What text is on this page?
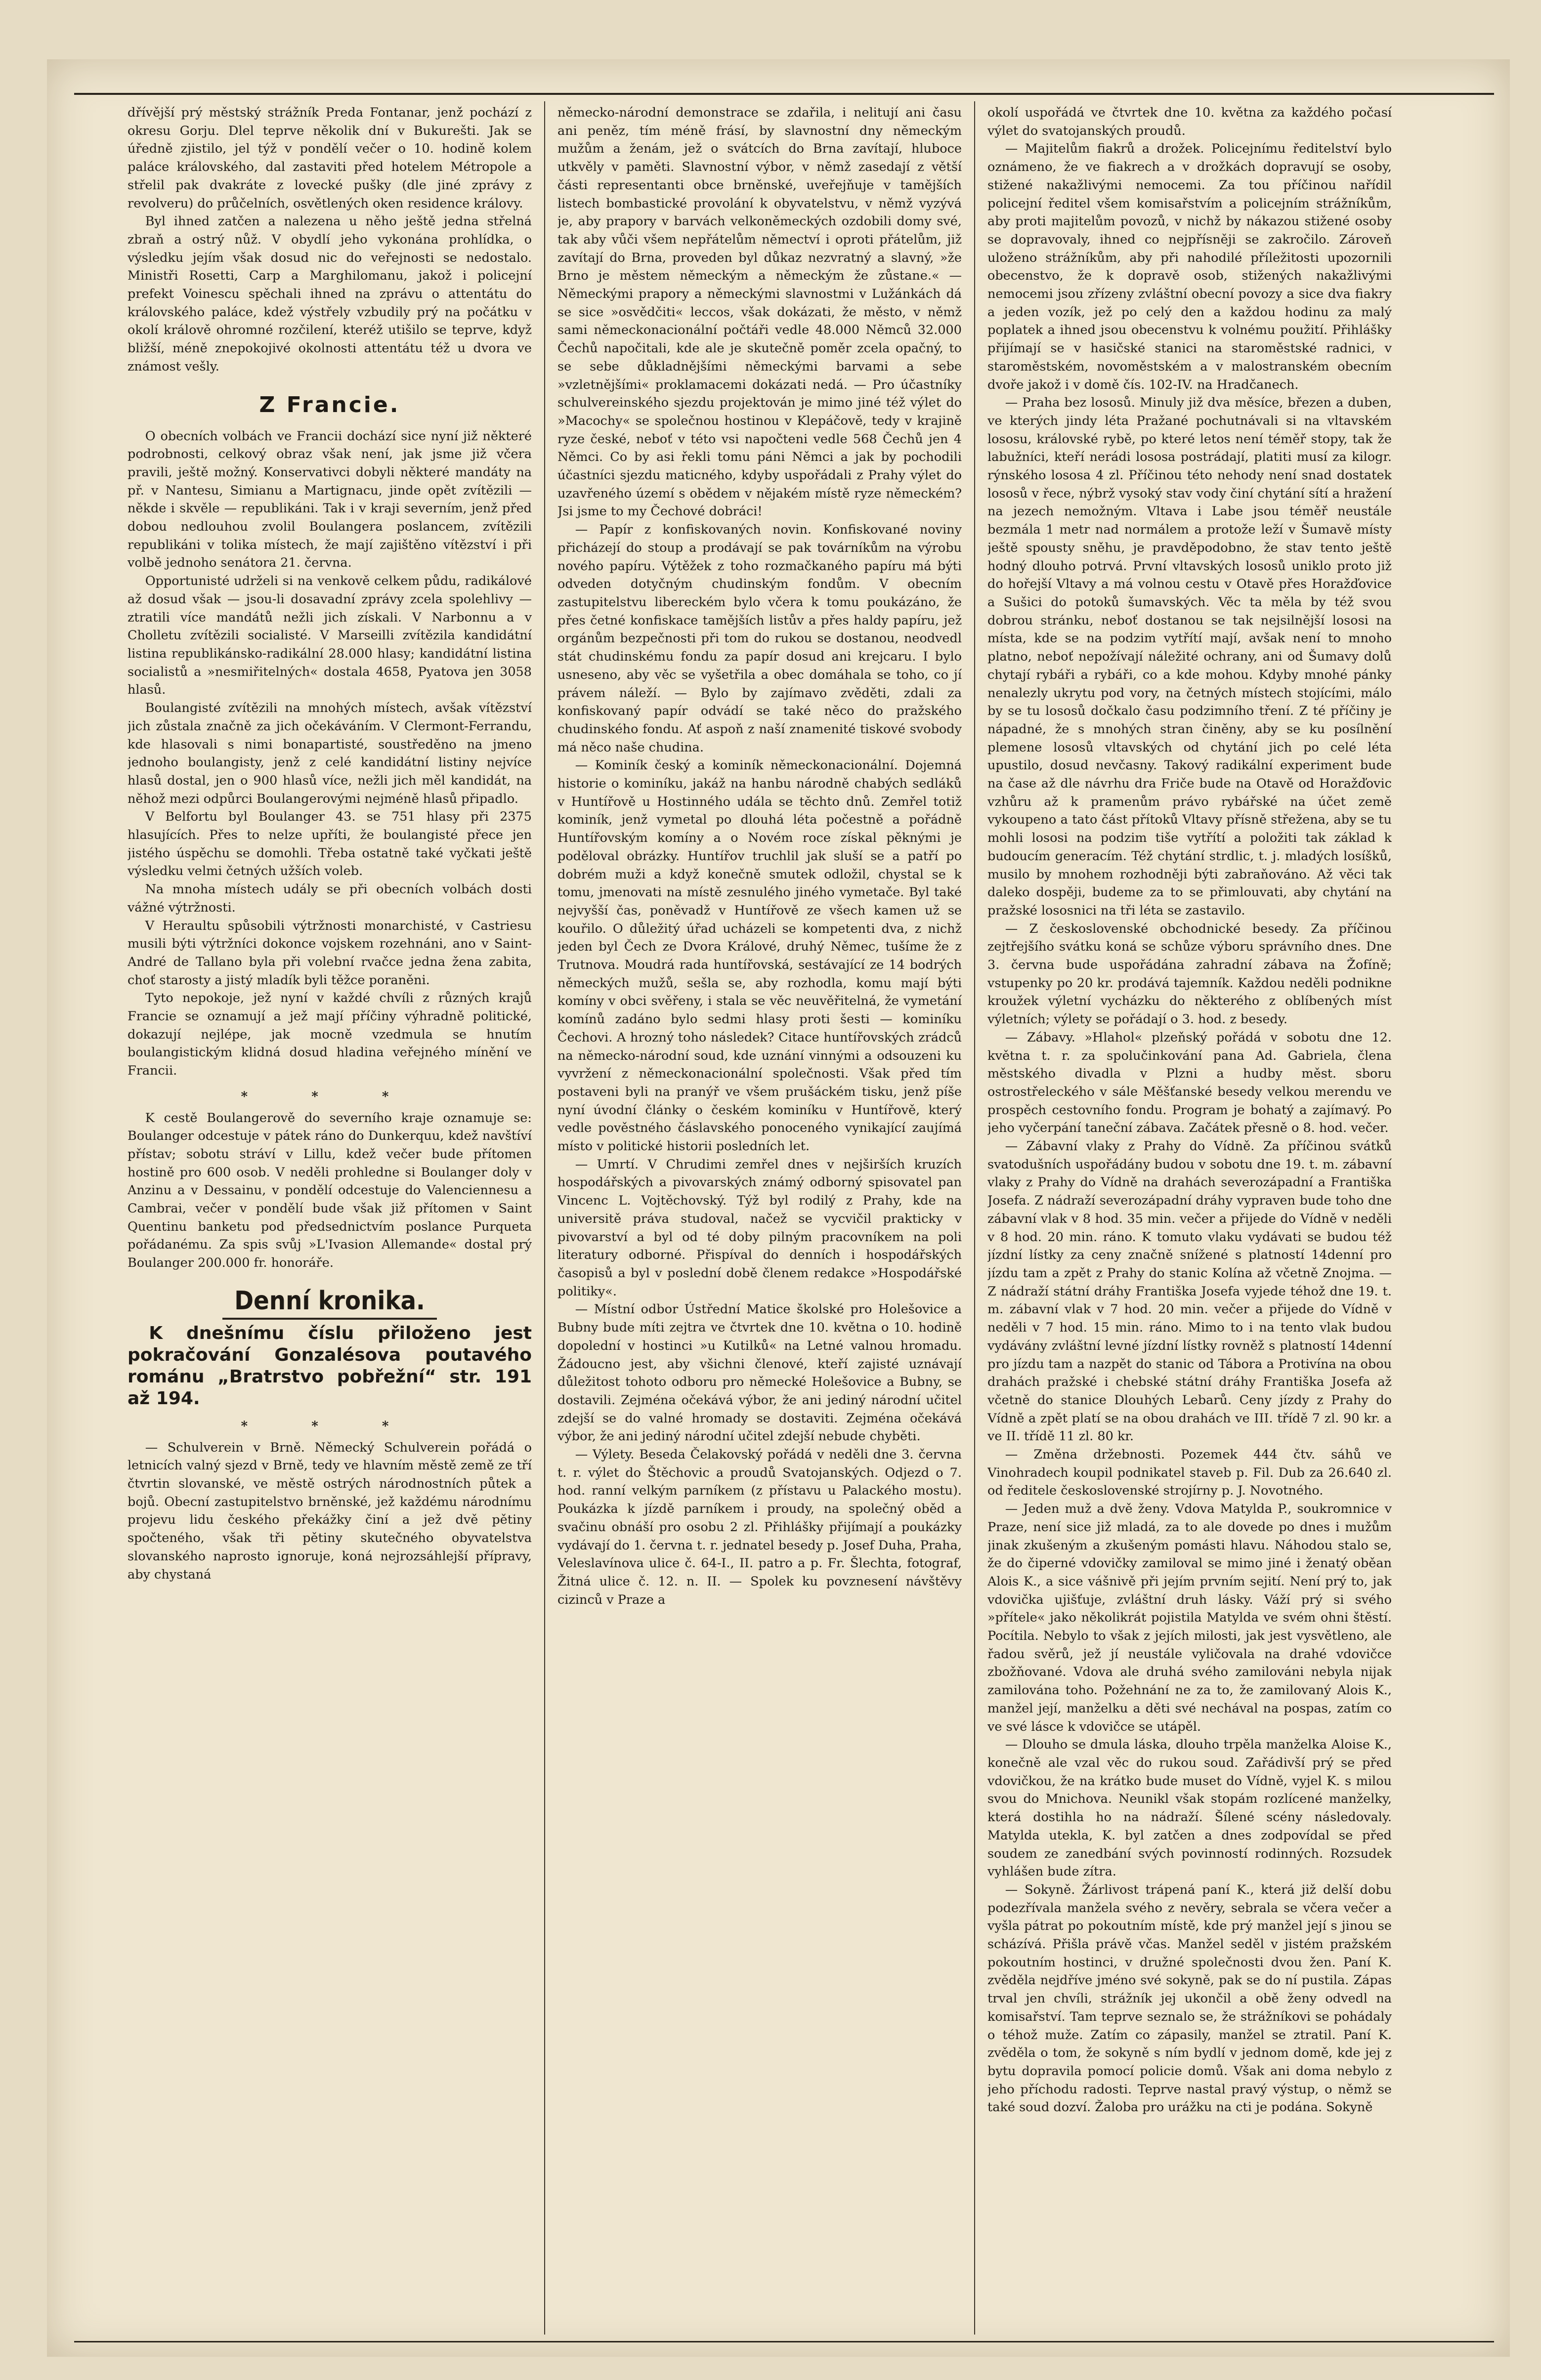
dřívější prý městský strážník Preda Fontanar, jenž pochází z okresu Gorju. Dlel teprve několik dní v Bukurešti. Jak se úředně zjistilo, jel týž v pondělí večer o 10. hodině kolem paláce královského, dal zastaviti před hotelem Métropole a střelil pak dvakráte z lovecké pušky (dle jiné zprávy z revolveru) do průčelních, osvětlených oken residence královy.

Byl ihned zatčen a nalezena u něho ještě jedna střelná zbraň a ostrý nůž. V obydlí jeho vykonána prohlídka, o výsledku jejím však dosud nic do veřejnosti se nedostalo. Ministři Rosetti, Carp a Marghilomanu, jakož i policejní prefekt Voinescu spěchali ihned na zprávu o attentátu do královského paláce, kdež výstřely vzbudily prý na počátku v okolí králově ohromné rozčilení, kteréž utišilo se teprve, když bližší, méně znepokojivé okolnosti attentátu též u dvora ve známost vešly.

Z Francie.

O obecních volbách ve Francii dochází sice nyní již některé podrobnosti, celkový obraz však není, jak jsme již včera pravili, ještě možný. Konservativci dobyli některé mandáty na př. v Nantesu, Simianu a Martignacu, jinde opět zvítězili — někde i skvěle — republikáni. Tak i v kraji severním, jenž před dobou nedlouhou zvolil Boulangera poslancem, zvítězili republikáni v tolika místech, že mají zajištěno vítězství i při volbě jednoho senátora 21. června.

Opportunisté udrželi si na venkově celkem půdu, radikálové až dosud však — jsou-li dosavadní zprávy zcela spolehlivy — ztratili více mandátů nežli jich získali. V Narbonnu a v Cholletu zvítězili socialisté. V Marseilli zvítězila kandidátní listina republikánsko-radikální 28.000 hlasy; kandidátní listina socialistů a »nesmiřitelných« dostala 4658, Pyatova jen 3058 hlasů.

Boulangisté zvítězili na mnohých místech, avšak vítězství jich zůstala značně za jich očekáváním. V Clermont-Ferrandu, kde hlasovali s nimi bonapartisté, soustředěno na jmeno jednoho boulangisty, jenž z celé kandidátní listiny nejvíce hlasů dostal, jen o 900 hlasů více, nežli jich měl kandidát, na něhož mezi odpůrci Boulangerovými nejméně hlasů připadlo.

V Belfortu byl Boulanger 43. se 751 hlasy při 2375 hlasujících. Přes to nelze upříti, že boulangisté přece jen jistého úspěchu se domohli. Třeba ostatně také vyčkati ještě výsledku velmi četných užších voleb.

Na mnoha místech udály se při obecních volbách dosti vážné výtržnosti.

V Heraultu spůsobili výtržnosti monarchisté, v Castriesu musili býti výtržníci dokonce vojskem rozehnáni, ano v Saint-André de Tallano byla při volební rvačce jedna žena zabita, choť starosty a jistý mladík byli těžce poraněni.

Tyto nepokoje, jež nyní v každé chvíli z různých krajů Francie se oznamují a jež mají příčiny výhradně politické, dokazují nejlépe, jak mocně vzedmula se hnutím boulangistickým klidná dosud hladina veřejného mínění ve Francii.

* * *

K cestě Boulangerově do severního kraje oznamuje se: Boulanger odcestuje v pátek ráno do Dunkerquu, kdež navštíví přístav; sobotu stráví v Lillu, kdež večer bude přítomen hostině pro 600 osob. V neděli prohledne si Boulanger doly v Anzinu a v Dessainu, v pondělí odcestuje do Valenciennesu a Cambrai, večer v pondělí bude však již přítomen v Saint Quentinu banketu pod předsednictvím poslance Purqueta pořádanému. Za spis svůj »L'Ivasion Allemande« dostal prý Boulanger 200.000 fr. honoráře.

Denní kronika.
K dnešnímu číslu přiloženo jest pokračování Gonzalésova poutavého románu „Bratrstvo pobřežní“ str. 191 až 194.
* * *

— Schulverein v Brně. Německý Schulverein pořádá o letnicích valný sjezd v Brně, tedy ve hlavním městě země ze tří čtvrtin slovanské, ve městě ostrých národnostních půtek a bojů. Obecní zastupitelstvo brněnské, jež každému národnímu projevu lidu českého překážky činí a jež dvě pětiny spočteného, však tři pětiny skutečného obyvatelstva slovanského naprosto ignoruje, koná nejrozsáhlejší přípravy, aby chystaná

německo-národní demonstrace se zdařila, i nelitují ani času ani peněz, tím méně frásí, by slavnostní dny německým mužům a ženám, jež o svátcích do Brna zavítají, hluboce utkvěly v paměti. Slavnostní výbor, v němž zasedají z větší části representanti obce brněnské, uveřejňuje v tamějších listech bombastické provolání k obyvatelstvu, v němž vyzývá je, aby prapory v barvách velkoněmeckých ozdobili domy své, tak aby vůči všem nepřátelům němectví i oproti přátelům, již zavítají do Brna, proveden byl důkaz nezvratný a slavný, »že Brno je městem německým a německým že zůstane.« — Německými prapory a německými slavnostmi v Lužánkách dá se sice »osvědčiti« leccos, však dokázati, že město, v němž sami německonacionální počtáři vedle 48.000 Němců 32.000 Čechů napočitali, kde ale je skutečně poměr zcela opačný, to se sebe důkladnějšími německými barvami a sebe »vzletnějšími« proklamacemi dokázati nedá. — Pro účastníky schulvereinského sjezdu projektován je mimo jiné též výlet do »Macochy« se společnou hostinou v Klepáčově, tedy v krajině ryze české, neboť v této vsi napočteni vedle 568 Čechů jen 4 Němci. Co by asi řekli tomu páni Němci a jak by pochodili účastníci sjezdu maticného, kdyby uspořádali z Prahy výlet do uzavřeného území s obědem v nějakém místě ryze německém? Jsi jsme to my Čechové dobráci!

— Papír z konfiskovaných novin. Konfiskované noviny přicházejí do stoup a prodávají se pak továrníkům na výrobu nového papíru. Výtěžek z toho rozmačkaného papíru má býti odveden dotyčným chudinským fondům. V obecním zastupitelstvu libereckém bylo včera k tomu poukázáno, že přes četné konfiskace tamějších listův a přes haldy papíru, jež orgánům bezpečnosti při tom do rukou se dostanou, neodvedl stát chudinskému fondu za papír dosud ani krejcaru. I bylo usneseno, aby věc se vyšetřila a obec domáhala se toho, co jí právem náleží. — Bylo by zajímavo zvěděti, zdali za konfiskovaný papír odvádí se také něco do pražského chudinského fondu. Ať aspoň z naší znamenité tiskové svobody má něco naše chudina.

— Kominík český a kominík německonacionální. Dojemná historie o kominíku, jakáž na hanbu národně chabých sedláků v Huntířově u Hostinného udála se těchto dnů. Zemřel totiž kominík, jenž vymetal po dlouhá léta počestně a pořádně Huntířovským komíny a o Novém roce získal pěknými je poděloval obrázky. Huntířov truchlil jak sluší se a patří po dobrém muži a když konečně smutek odložil, chystal se k tomu, jmenovati na místě zesnulého jiného vymetače. Byl také nejvyšší čas, poněvadž v Huntířově ze všech kamen už se kouřilo. O důležitý úřad ucházeli se kompetenti dva, z nichž jeden byl Čech ze Dvora Králové, druhý Němec, tušíme že z Trutnova. Moudrá rada huntířovská, sestávající ze 14 bodrých německých mužů, sešla se, aby rozhodla, komu mají býti komíny v obci svěřeny, i stala se věc neuvěřitelná, že vymetání komínů zadáno bylo sedmi hlasy proti šesti — kominíku Čechovi. A hrozný toho následek? Citace huntířovských zrádců na německo-národní soud, kde uznání vinnými a odsouzeni ku vyvržení z německonacionální společnosti. Však před tím postaveni byli na pranýř ve všem prušáckém tisku, jenž píše nyní úvodní články o českém kominíku v Huntířově, který vedle pověstného čáslavského ponoceného vynikající zaujímá místo v politické historii posledních let.

— Umrtí. V Chrudimi zemřel dnes v nejširších kruzích hospodářských a pivovarských známý odborný spisovatel pan Vincenc L. Vojtěchovský. Týž byl rodilý z Prahy, kde na universitě práva studoval, načež se vycvičil prakticky v pivovarství a byl od té doby pilným pracovníkem na poli literatury odborné. Přispíval do denních i hospodářských časopisů a byl v poslední době členem redakce »Hospodářské politiky«.

— Místní odbor Ústřední Matice školské pro Holešovice a Bubny bude míti zejtra ve čtvrtek dne 10. května o 10. hodině dopolední v hostinci »u Kutilků« na Letné valnou hromadu. Žádoucno jest, aby všichni členové, kteří zajisté uznávají důležitost tohoto odboru pro německé Holešovice a Bubny, se dostavili. Zejména očekává výbor, že ani jediný národní učitel zdejší se do valné hromady se dostaviti. Zejména očekává výbor, že ani jediný národní učitel zdejší nebude chyběti.

— Výlety. Beseda Čelakovský pořádá v neděli dne 3. června t. r. výlet do Štěchovic a proudů Svatojanských. Odjezd o 7. hod. ranní velkým parníkem (z přístavu u Palackého mostu). Poukázka k jízdě parníkem i proudy, na společný oběd a svačinu obnáší pro osobu 2 zl. Přihlášky přijímají a poukázky vydávají do 1. června t. r. jednatel besedy p. Josef Duha, Praha, Veleslavínova ulice č. 64-I., II. patro a p. Fr. Šlechta, fotograf, Žitná ulice č. 12. n. II. — Spolek ku povznesení návštěvy cizinců v Praze a

okolí uspořádá ve čtvrtek dne 10. května za každého počasí výlet do svatojanských proudů.

— Majitelům fiakrů a drožek. Policejnímu ředitelství bylo oznámeno, že ve fiakrech a v drožkách dopravují se osoby, stižené nakažlivými nemocemi. Za tou příčinou nařídil policejní ředitel všem komisařstvím a policejním strážníkům, aby proti majitelům povozů, v nichž by nákazou stižené osoby se dopravovaly, ihned co nejpřísněji se zakročilo. Zároveň uloženo strážníkům, aby při nahodilé příležitosti upozornili obecenstvo, že k dopravě osob, stižených nakažlivými nemocemi jsou zřízeny zvláštní obecní povozy a sice dva fiakry a jeden vozík, jež po celý den a každou hodinu za malý poplatek a ihned jsou obecenstvu k volnému použití. Přihlášky přijímají se v hasičské stanici na staroměstské radnici, v staroměstském, novoměstském a v malostranském obecním dvoře jakož i v domě čís. 102-IV. na Hradčanech.

— Praha bez lososů. Minuly již dva měsíce, březen a duben, ve kterých jindy léta Pražané pochutnávali si na vltavském lososu, královské rybě, po které letos není téměř stopy, tak že labužníci, kteří nerádi lososa postrádají, platiti musí za kilogr. rýnského lososa 4 zl. Příčinou této nehody není snad dostatek lososů v řece, nýbrž vysoký stav vody činí chytání sítí a hražení na jezech nemožným. Vltava i Labe jsou téměř neustále bezmála 1 metr nad normálem a protože leží v Šumavě místy ještě spousty sněhu, je pravděpodobno, že stav tento ještě hodný dlouho potrvá. První vltavských lososů uniklo proto již do hořejší Vltavy a má volnou cestu v Otavě přes Horažďovice a Sušici do potoků šumavských. Věc ta měla by též svou dobrou stránku, neboť dostanou se tak nejsilnější lososi na místa, kde se na podzim vytřítí mají, avšak není to mnoho platno, neboť nepožívají náležité ochrany, ani od Šumavy dolů chytají rybáři a rybáři, co a kde mohou. Kdyby mnohé pánky nenalezly ukrytu pod vory, na četných místech stojícími, málo by se tu lososů dočkalo času podzimního tření. Z té příčiny je nápadné, že s mnohých stran činěny, aby se ku posílnění plemene lososů vltavských od chytání jich po celé léta upustilo, dosud nevčasny. Takový radikální experiment bude na čase až dle návrhu dra Friče bude na Otavě od Horažďovic vzhůru až k pramenům právo rybářské na účet země vykoupeno a tato část přítoků Vltavy přísně střežena, aby se tu mohli lososi na podzim tiše vytřítí a položiti tak základ k budoucím generacím. Též chytání strdlic, t. j. mladých losíšků, musilo by mnohem rozhodněji býti zabraňováno. Až věci tak daleko dospěji, budeme za to se přimlouvati, aby chytání na pražské lososnici na tři léta se zastavilo.

— Z československé obchodnické besedy. Za příčinou zejtřejšího svátku koná se schůze výboru správního dnes. Dne 3. června bude uspořádána zahradní zábava na Žofíně; vstupenky po 20 kr. prodává tajemník. Každou neděli podnikne kroužek výletní vycházku do některého z oblíbených míst výletních; výlety se pořádají o 3. hod. z besedy.

— Zábavy. »Hlahol« plzeňský pořádá v sobotu dne 12. května t. r. za spolučinkování pana Ad. Gabriela, člena městského divadla v Plzni a hudby měst. sboru ostrostřeleckého v sále Měšťanské besedy velkou merendu ve prospěch cestovního fondu. Program je bohatý a zajímavý. Po jeho vyčerpání taneční zábava. Začátek přesně o 8. hod. večer.

— Zábavní vlaky z Prahy do Vídně. Za příčinou svátků svatodušních uspořádány budou v sobotu dne 19. t. m. zábavní vlaky z Prahy do Vídně na drahách severozápadní a Františka Josefa. Z nádraží severozápadní dráhy vypraven bude toho dne zábavní vlak v 8 hod. 35 min. večer a přijede do Vídně v neděli v 8 hod. 20 min. ráno. K tomuto vlaku vydávati se budou též jízdní lístky za ceny značně snížené s platností 14denní pro jízdu tam a zpět z Prahy do stanic Kolína až včetně Znojma. — Z nádraží státní dráhy Františka Josefa vyjede téhož dne 19. t. m. zábavní vlak v 7 hod. 20 min. večer a přijede do Vídně v neděli v 7 hod. 15 min. ráno. Mimo to i na tento vlak budou vydávány zvláštní levné jízdní lístky rovněž s platností 14denní pro jízdu tam a nazpět do stanic od Tábora a Protivína na obou drahách pražské i chebské státní dráhy Františka Josefa až včetně do stanice Dlouhých Lebarů. Ceny jízdy z Prahy do Vídně a zpět platí se na obou drahách ve III. třídě 7 zl. 90 kr. a ve II. třídě 11 zl. 80 kr.

— Změna držebnosti. Pozemek 444 čtv. sáhů ve Vinohradech koupil podnikatel staveb p. Fil. Dub za 26.640 zl. od ředitele československé strojírny p. J. Novotného.

— Jeden muž a dvě ženy. Vdova Matylda P., soukromnice v Praze, není sice již mladá, za to ale dovede po dnes i mužům jinak zkušeným a zkušeným pomásti hlavu. Náhodou stalo se, že do čiperné vdovičky zamiloval se mimo jiné i ženatý oběan Alois K., a sice vášnivě při jejím prvním sejití. Není prý to, jak vdovička ujišťuje, zvláštní druh lásky. Váží prý si svého »přítele« jako několikrát pojistila Matylda ve svém ohni štěstí. Pocítila. Nebylo to však z jejích milosti, jak jest vysvětleno, ale řadou svěrů, jež jí neustále vyličovala na drahé vdovičce zbožňované. Vdova ale druhá svého zamilováni nebyla nijak zamilována toho. Požehnání ne za to, že zamilovaný Alois K., manžel její, manželku a děti své nechával na pospas, zatím co ve své lásce k vdovičce se utápěl.

— Dlouho se dmula láska, dlouho trpěla manželka Aloise K., konečně ale vzal věc do rukou soud. Zařádivší prý se před vdovičkou, že na krátko bude muset do Vídně, vyjel K. s milou svou do Mnichova. Neunikl však stopám rozlícené manželky, která dostihla ho na nádraží. Šílené scény následovaly. Matylda utekla, K. byl zatčen a dnes zodpovídal se před soudem ze zanedbání svých povinností rodinných. Rozsudek vyhlášen bude zítra.

— Sokyně. Žárlivost trápená paní K., která již delší dobu podezřívala manžela svého z nevěry, sebrala se včera večer a vyšla pátrat po pokoutním místě, kde prý manžel její s jinou se scházívá. Přišla právě včas. Manžel seděl v jistém pražském pokoutním hostinci, v družné společnosti dvou žen. Paní K. zvěděla nejdříve jméno své sokyně, pak se do ní pustila. Zápas trval jen chvíli, strážník jej ukončil a obě ženy odvedl na komisařství. Tam teprve seznalo se, že strážníkovi se pohádaly o téhož muže. Zatím co zápasily, manžel se ztratil. Paní K. zvěděla o tom, že sokyně s ním bydlí v jednom domě, kde jej z bytu dopravila pomocí policie domů. Však ani doma nebylo z jeho příchodu radosti. Teprve nastal pravý výstup, o němž se také soud dozví. Žaloba pro urážku na cti je podána. Sokyně
